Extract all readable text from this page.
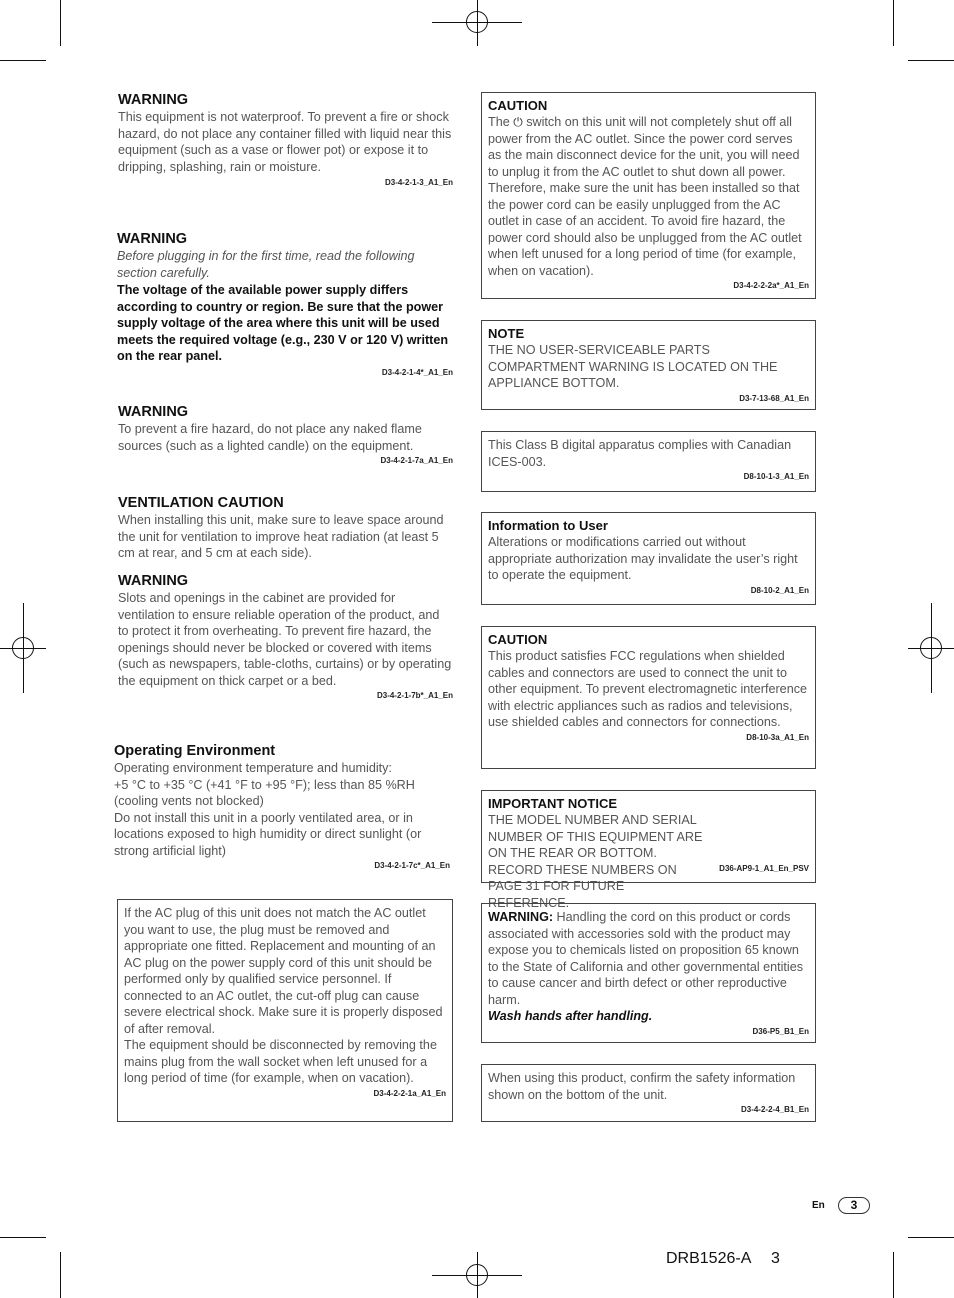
WARNING

This equipment is not waterproof. To prevent a fire or shock hazard, do not place any container filled with liquid near this equipment (such as a vase or flower pot) or expose it to dripping, splashing, rain or moisture.

D3-4-2-1-3_A1_En

WARNING

Before plugging in for the first time, read the following section carefully.

The voltage of the available power supply differs according to country or region. Be sure that the power supply voltage of the area where this unit will be used meets the required voltage (e.g., 230 V or 120 V) written on the rear panel.

D3-4-2-1-4*_A1_En

WARNING

To prevent a fire hazard, do not place any naked flame sources (such as a lighted candle) on the equipment.

D3-4-2-1-7a_A1_En

VENTILATION CAUTION

When installing this unit, make sure to leave space around the unit for ventilation to improve heat radiation (at least 5 cm at rear, and 5 cm at each side).

WARNING

Slots and openings in the cabinet are provided for ventilation to ensure reliable operation of the product, and to protect it from overheating. To prevent fire hazard, the openings should never be blocked or covered with items (such as newspapers, table-cloths, curtains) or by operating the equipment on thick carpet or a bed.

D3-4-2-1-7b*_A1_En

Operating Environment

Operating environment temperature and humidity:
+5 °C to +35 °C (+41 °F to +95 °F); less than 85 %RH (cooling vents not blocked)
Do not install this unit in a poorly ventilated area, or in locations exposed to high humidity or direct sunlight (or strong artificial light)

D3-4-2-1-7c*_A1_En

If the AC plug of this unit does not match the AC outlet you want to use, the plug must be removed and appropriate one fitted. Replacement and mounting of an AC plug on the power supply cord of this unit should be performed only by qualified service personnel. If connected to an AC outlet, the cut-off plug can cause severe electrical shock. Make sure it is properly disposed of after removal.
The equipment should be disconnected by removing the mains plug from the wall socket when left unused for a long period of time (for example, when on vacation).

D3-4-2-2-1a_A1_En

CAUTION

The ⏻ switch on this unit will not completely shut off all power from the AC outlet. Since the power cord serves as the main disconnect device for the unit, you will need to unplug it from the AC outlet to shut down all power. Therefore, make sure the unit has been installed so that the power cord can be easily unplugged from the AC outlet in case of an accident. To avoid fire hazard, the power cord should also be unplugged from the AC outlet when left unused for a long period of time (for example, when on vacation).

D3-4-2-2-2a*_A1_En

NOTE

THE NO USER-SERVICEABLE PARTS COMPARTMENT WARNING IS LOCATED ON THE APPLIANCE BOTTOM.

D3-7-13-68_A1_En

This Class B digital apparatus complies with Canadian ICES-003.

D8-10-1-3_A1_En

Information to User

Alterations or modifications carried out without appropriate authorization may invalidate the user’s right to operate the equipment.

D8-10-2_A1_En

CAUTION

This product satisfies FCC regulations when shielded cables and connectors are used to connect the unit to other equipment. To prevent electromagnetic interference with electric appliances such as radios and televisions, use shielded cables and connectors for connections.

D8-10-3a_A1_En

IMPORTANT NOTICE

THE MODEL NUMBER AND SERIAL NUMBER OF THIS EQUIPMENT ARE ON THE REAR OR BOTTOM. RECORD THESE NUMBERS ON PAGE 31 FOR FUTURE REFERENCE.

D36-AP9-1_A1_En_PSV

WARNING: Handling the cord on this product or cords associated with accessories sold with the product may expose you to chemicals listed on proposition 65 known to the State of California and other governmental entities to cause cancer and birth defect or other reproductive harm.

Wash hands after handling.

D36-P5_B1_En

When using this product, confirm the safety information shown on the bottom of the unit.

D3-4-2-2-4_B1_En
En	3
DRB1526-A 3
